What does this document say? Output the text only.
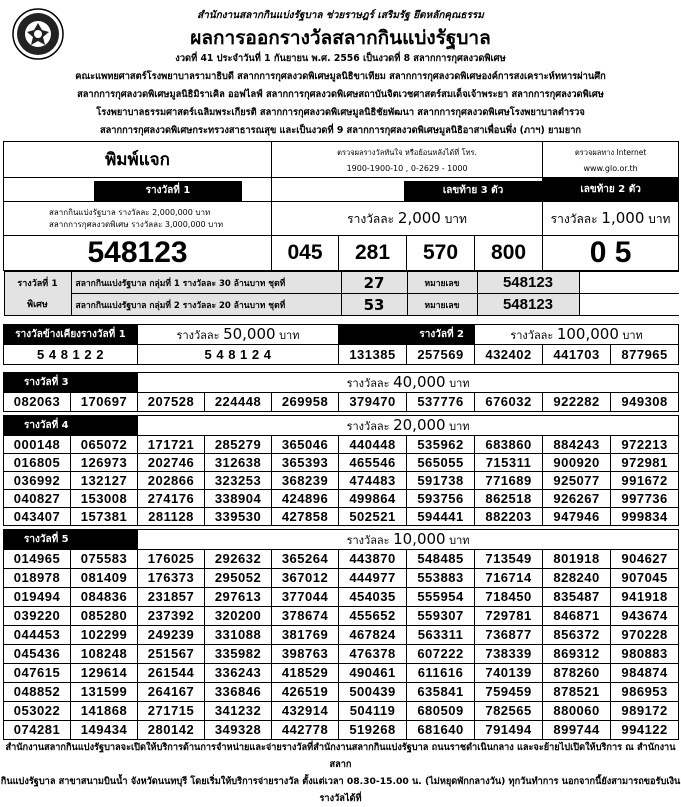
สำนักงานสลากกินแบ่งรัฐบาล ช่วยราษฎร์ เสริมรัฐ ยึดหลักคุณธรรม
ผลการออกรางวัลสลากกินแบ่งรัฐบาล
งวดที่ 41 ประจำวันที่ 1 กันยายน พ.ศ. 2556 เป็นงวดที่ 8 สลากการกุศลงวดพิเศษ
คณะแพทยศาสตร์โรงพยาบาลรามาธิบดี สลากการกุศลงวดพิเศษมูลนิธิขาเทียม สลากการกุศลงวดพิเศษองค์การสงเคราะห์ทหารผ่านศึก
สลากการกุศลงวดพิเศษมูลนิธิมิราเคิล ออฟไลฟ์ สลากการกุศลงวดพิเศษสถาบันจิตเวชศาสตร์สมเด็จเจ้าพระยา สลากการกุศลงวดพิเศษ
โรงพยาบาลธรรมศาสตร์เฉลิมพระเกียรติ สลากการกุศลงวดพิเศษมูลนิธิชัยพัฒนา สลากการกุศลงวดพิเศษโรงพยาบาลตำรวจ
สลากการกุศลงวดพิเศษกระทรวงสาธารณสุข และเป็นงวดที่ 9 สลากการกุศลงวดพิเศษมูลนิธิอาสาเพื่อนพึ่ง (ภาฯ) ยามยาก
พิมพ์แจก	ตรวจผลรางวัลทันใจ หรือย้อนหลังได้ที่ โทร.
1900-1900-10 , 0-2629 - 1000

ตรวจผลทาง Internet
www.glo.or.th

รางวัลที่ 1	เลขท้าย 3 ตัว	เลขท้าย 2 ตัว

สลากกินแบ่งรัฐบาล รางวัลละ 2,000,000 บาท
สลากการกุศลงวดพิเศษ รางวัลละ 3,000,000 บาท	รางวัลละ 2,000 บาท	รางวัลละ 1,000 บาท
548123	045	281	570	800	0 5

รางวัลที่ 1	สลากกินแบ่งรัฐบาล กลุ่มที่ 1 รางวัลละ 30 ล้านบาท ชุดที่	27	หมายเลข	548123	
พิเศษ	สลากกินแบ่งรัฐบาล กลุ่มที่ 2 รางวัลละ 20 ล้านบาท ชุดที่	53	หมายเลข	548123	

รางวัลข้างเคียงรางวัลที่ 1	รางวัลละ 50,000 บาท	รางวัลที่ 2	รางวัลละ 100,000 บาท
5 4 8 1 2 2	5 4 8 1 2 4	131385	257569	432402	441703	877965

รางวัลที่ 3	รางวัลละ 40,000 บาท
082063	170697	207528	224448	269958	379470	537776	676032	922282	949308

รางวัลที่ 4	รางวัลละ 20,000 บาท
000148	065072	171721	285279	365046	440448	535962	683860	884243	972213
016805	126973	202746	312638	365393	465546	565055	715311	900920	972981
036992	132127	202866	323253	368239	474483	591738	771689	925077	991672
040827	153008	274176	338904	424896	499864	593756	862518	926267	997736
043407	157381	281128	339530	427858	502521	594441	882203	947946	999834

รางวัลที่ 5	รางวัลละ 10,000 บาท
014965	075583	176025	292632	365264	443870	548485	713549	801918	904627
018978	081409	176373	295052	367012	444977	553883	716714	828240	907045
019494	084836	231857	297613	377044	454035	555954	718450	835487	941918
039220	085280	237392	320200	378674	455652	559307	729781	846871	943674
044453	102299	249239	331088	381769	467824	563311	736877	856372	970228
045436	108248	251567	335982	398763	476378	607222	738339	869312	980883
047615	129614	261544	336243	418529	490461	611616	740139	878260	984874
048852	131599	264167	336846	426519	500439	635841	759459	878521	986953
053022	141868	271715	341232	432914	504119	680509	782565	880060	989172
074281	149434	280142	349328	442778	519268	681640	791494	899744	994122
สำนักงานสลากกินแบ่งรัฐบาลจะเปิดให้บริการด้านการจำหน่ายและจ่ายรางวัลที่สำนักงานสลากกินแบ่งรัฐบาล ถนนราชดำเนินกลาง และจะย้ายไปเปิดให้บริการ ณ สำนักงานสลาก
กินแบ่งรัฐบาล สาขาสนามบินน้ำ จังหวัดนนทบุรี โดยเริ่มให้บริการจ่ายรางวัล ตั้งแต่เวลา 08.30-15.00 น. (ไม่หยุดพักกลางวัน) ทุกวันทำการ นอกจากนี้ยังสามารถขอรับเงินรางวัลได้ที่
